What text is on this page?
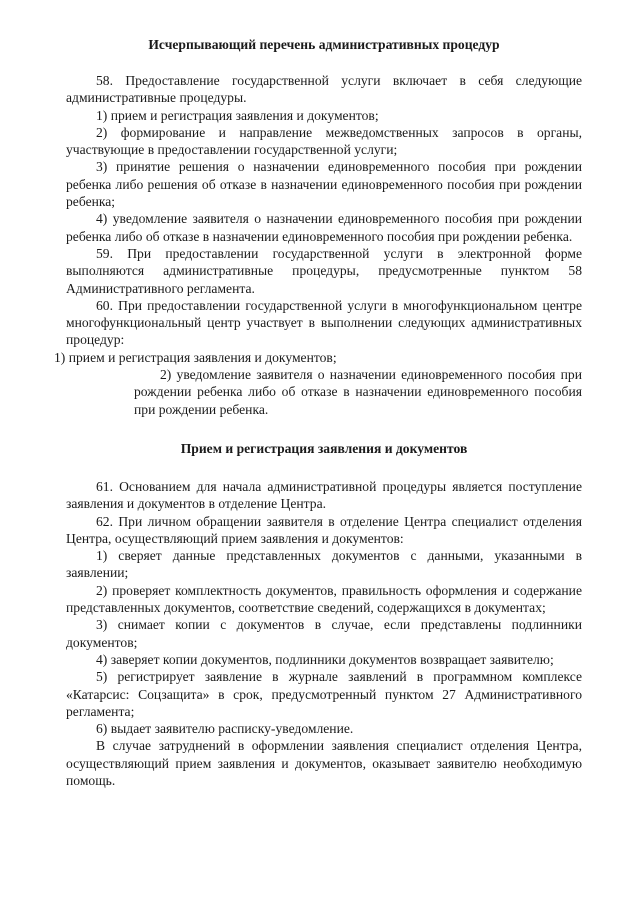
Исчерпывающий перечень административных процедур

58. Предоставление государственной услуги включает в себя следующие административные процедуры.

1) прием и регистрация заявления и документов;

2) формирование и направление межведомственных запросов в органы, участвующие в предоставлении государственной услуги;

3) принятие решения о назначении единовременного пособия при рождении ребенка либо решения об отказе в назначении единовременного пособия при рождении ребенка;

4) уведомление заявителя о назначении единовременного пособия при рождении ребенка либо об отказе в назначении единовременного пособия при рождении ребенка.

59. При предоставлении государственной услуги в электронной форме выполняются административные процедуры, предусмотренные пунктом 58 Административного регламента.

60. При предоставлении государственной услуги в многофункциональном центре многофункциональный центр участвует в выполнении следующих административных процедур:

1) прием и регистрация заявления и документов;

2) уведомление заявителя о назначении единовременного пособия при рождении ребенка либо об отказе в назначении единовременного пособия при рождении ребенка.

Прием и регистрация заявления и документов

61. Основанием для начала административной процедуры является поступление заявления и документов в отделение Центра.

62. При личном обращении заявителя в отделение Центра специалист отделения Центра, осуществляющий прием заявления и документов:

1) сверяет данные представленных документов с данными, указанными в заявлении;

2) проверяет комплектность документов, правильность оформления и содержание представленных документов, соответствие сведений, содержащихся в документах;

3) снимает копии с документов в случае, если представлены подлинники документов;

4) заверяет копии документов, подлинники документов возвращает заявителю;

5) регистрирует заявление в журнале заявлений в программном комплексе «Катарсис: Соцзащита» в срок, предусмотренный пунктом 27 Административного регламента;

6) выдает заявителю расписку-уведомление.

В случае затруднений в оформлении заявления специалист отделения Центра, осуществляющий прием заявления и документов, оказывает заявителю необходимую помощь.
